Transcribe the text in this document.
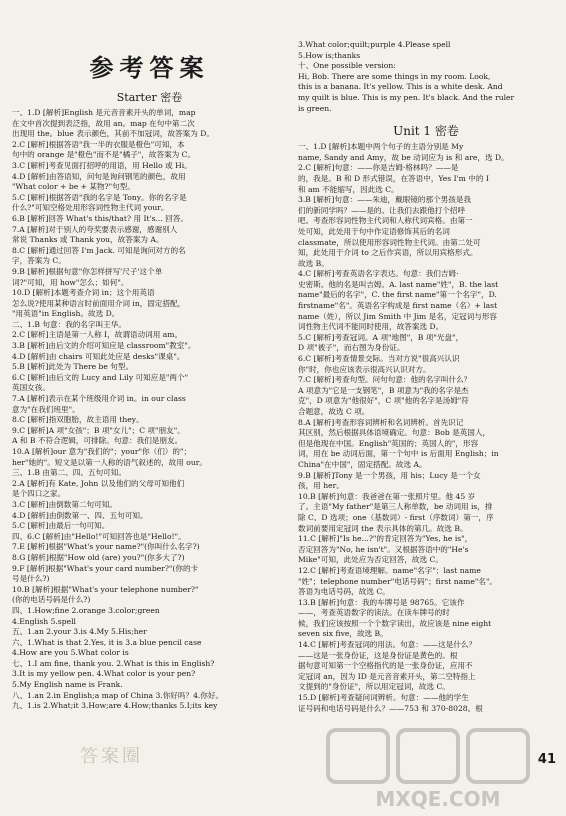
参考答案
Starter 密卷
一、1.D [解析]English 是元音音素开头的单词，map
在文中首次提到表泛指，故用 an。map 在句中第二次
出现用 the。blue 表示颜色，其前不加冠词，故答案为 D。
2.C [解析]根据答语"我一半的衣服是橙色"可知，本
句中的 orange 是"橙色"而不是"橘子"，故答案为 C。
3.C [解析]考查见面打招呼的用语，用 Hello 或 Hi。
4.D [解析]由答语知，问句是询问钢笔的颜色，故用
"What color + be + 某物?"句型。
5.C [解析]根据答语"我的名字是 Tony。你的名字是
什么?"可知空格处用形容词性物主代词 your。
6.B [解析]回答 What's this/that? 用 It's... 回答。
7.A [解析]对于别人的夸奖要表示感谢，感谢别人
常说 Thanks 或 Thank you，故答案为 A。
8.C [解析]通过回答 I'm Jack. 可知是询问对方的名
字，答案为 C。
9.B [解析]根据句意"你怎样拼写'尺子'这个单
词?"可知，用 how"怎么；如何"。
10.D [解析]本题考查介词 in；这个用英语
怎么说?使用某种语言时前面用介词 in，固定搭配，
"用英语"in English。故选 D。
二、1.B 句意：我的名字叫王华。
2.C [解析]主语是第一人称 I，故谓语动词用 am。
3.B [解析]由后文的介绍可知应是 classroom"教室"。
4.D [解析]由 chairs 可知此处应是 desks"课桌"。
5.B [解析]此处为 There be 句型。
6.C [解析]由后文的 Lucy and Lily 可知应是"两个"
英国女孩。
7.A [解析]表示在某个班级用介词 in。in our class
意为"在我们班里"。
8.C [解析]指双胞胎，故主语用 they。
9.C [解析]A 项"女孩"；B 项"女儿"；C 项"朋友"。
A 和 B 不符合逻辑，可排除。句意：我们是朋友。
10.A [解析]our 意为"我们的"；your"你（们）的"；
her"她的"。短文是以第一人称的语气叙述的，故用 our。
三、1.B 由第二、四、五句可知。
2.A [解析]有 Kate, John 以及他们的父母可知他们
是个四口之家。
3.C [解析]由倒数第二句可知。
4.D [解析]由倒数第一、四、五句可知。
5.C [解析]由最后一句可知。
四、6.C [解析]由"Hello!"可知回答也是"Hello!"。
7.E [解析]根据"What's your name?"(你叫什么名字?)
8.G [解析]根据"How old (are) you?"(你多大了?)
9.F [解析]根据"What's your card number?"(你的卡
号是什么?)
10.B [解析]根据"What's your telephone number?"
(你的电话号码是什么?)
四、1.How;fine 2.orange 3.color;green
4.English 5.spell
五、1.an 2.your 3.is 4.My 5.His;her
六、1.What is that 2.Yes, it is 3.a blue pencil case
4.How are you 5.What color is
七、1.I am fine, thank you. 2.What is this in English?
3.It is my yellow pen. 4.What color is your pen?
5.My English name is Frank.
八、1.an 2.in English;a map of China 3.你好吗？4.你好。
九、1.is 2.What;it 3.How;are 4.How;thanks 5.I;its key
3.What color;quilt;purple 4.Please spell
5.How is;thanks
十、One possible version:
Hi, Bob. There are some things in my room. Look,
this is a banana. It's yellow. This is a white desk. And
my quilt is blue. This is my pen. It's black. And the ruler
is green.
Unit 1 密卷
一、1.D [解析]本题中两个句子的主语分别是 My
name, Sandy and Amy，故 be 动词应为 is 和 are，选 D。
2.C [解析]句意：——你是吉姆·格林吗？——是
的，我是。B 和 D 形式错误，在答语中，Yes I'm 中的 I
和 am 不能缩写，因此选 C。
3.B [解析]句意：——朱迪，戴眼镜的那个男孩是我
们的新同学吗？——是的。让我们去跟他打个招呼
吧。考查形容词性物主代词和人称代词宾格。由第一
处可知，此处用于句中作定语修饰其后的名词
classmate，所以使用形容词性物主代词。由第二处可
知，此处用于介词 to 之后作宾语，所以用宾格形式。
故选 B。
4.C [解析]考查英语名字表达。句意：我们吉姆·
史密斯。他的名是叫吉姆。A. last name"姓"，B. the last
name"最后的名字"，C. the first name"第一个名字"，D.
firstname"名"。英语名字构成是 first name（名）+ last
name（姓），所以 Jim Smith 中 Jim 是名，定冠词与形容
词性物主代词不能同时使用，故答案选 D。
5.C [解析]考查冠词。A 项"地图"，B 项"光盘"，
D 项"被子"，而右图为身份证。
6.C [解析]考查情景交际。当对方说"很高兴认识
你"时，你也应该表示很高兴认识对方。
7.C [解析]考查句型。问句句意：他的名字叫什么？
A 项意为"它是一支钢笔"，B 项意为"我的名字是杰
克"，D 项意为"他很好"，C 项"他的名字是汤姆"符
合题意，故选 C 项。
8.A [解析]考查形容词辨析和名词辨析。首先识记
其区别，然后根据具体语境确定。句意：Bob 是英国人，
但是他现在中国。English"英国的；英国人的"，形容
词，用在 be 动词后面，第一个句中 is 后面用 English；in
China"在中国"，固定搭配。故选 A。
9.B [解析]Tony 是一个男孩，用 his；Lucy 是一个女
孩，用 her。
10.B [解析]句意：我爸爸在第一张照片里。他 45 岁
了。主语"My father"是第三人称单数，be 动词用 is，排
除 C、D 选项；one（基数词）- first（序数词）第一，序
数词前要用定冠词 the 表示具体的第几。故选 B。
11.C [解析]"Is he...?"的肯定回答为"Yes, he is"，
否定回答为"No, he isn't"。又根据答语中的"He's
Mike"可知，此处应为否定回答，故选 C。
12.C [解析]考查语境理解。name"名字"；last name
"姓"；telephone number"电话号码"；first name"名"。
答语为电话号码，故选 C。
13.B [解析]句意：我的车牌号是 98765。它该作
——，考查英语数字的读法。在读车牌号的时
候，我们应该按照一个个数字读出，故应该是 nine eight
seven six five，故选 B。
14.C [解析]考查冠词的用法。句意：——这是什么？
——这是一张身份证，这是身份证是黄色的。根
据句意可知第一个空格指代的是一张身份证，应用不
定冠词 an，因为 ID 是元音音素开头，第二空特指上
文提到的"身份证"，所以用定冠词，故选 C。
15.D [解析]考查疑问词辨析。句意：——他的学生
证号码和电话号码是什么？——753 和 370-8028。根
41
答案圈
MXQE.COM
